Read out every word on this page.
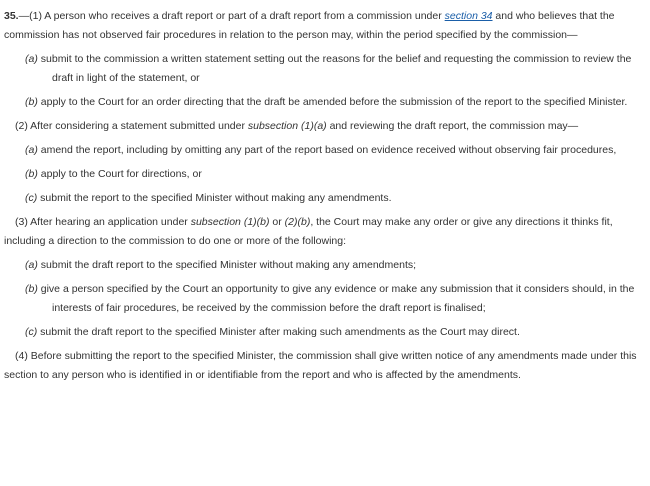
35.—(1) A person who receives a draft report or part of a draft report from a commission under section 34 and who believes that the commission has not observed fair procedures in relation to the person may, within the period specified by the commission—

(a) submit to the commission a written statement setting out the reasons for the belief and requesting the commission to review the draft in light of the statement, or

(b) apply to the Court for an order directing that the draft be amended before the submission of the report to the specified Minister.

(2) After considering a statement submitted under subsection (1)(a) and reviewing the draft report, the commission may—

(a) amend the report, including by omitting any part of the report based on evidence received without observing fair procedures,

(b) apply to the Court for directions, or

(c) submit the report to the specified Minister without making any amendments.

(3) After hearing an application under subsection (1)(b) or (2)(b), the Court may make any order or give any directions it thinks fit, including a direction to the commission to do one or more of the following:

(a) submit the draft report to the specified Minister without making any amendments;

(b) give a person specified by the Court an opportunity to give any evidence or make any submission that it considers should, in the interests of fair procedures, be received by the commission before the draft report is finalised;

(c) submit the draft report to the specified Minister after making such amendments as the Court may direct.

(4) Before submitting the report to the specified Minister, the commission shall give written notice of any amendments made under this section to any person who is identified in or identifiable from the report and who is affected by the amendments.
